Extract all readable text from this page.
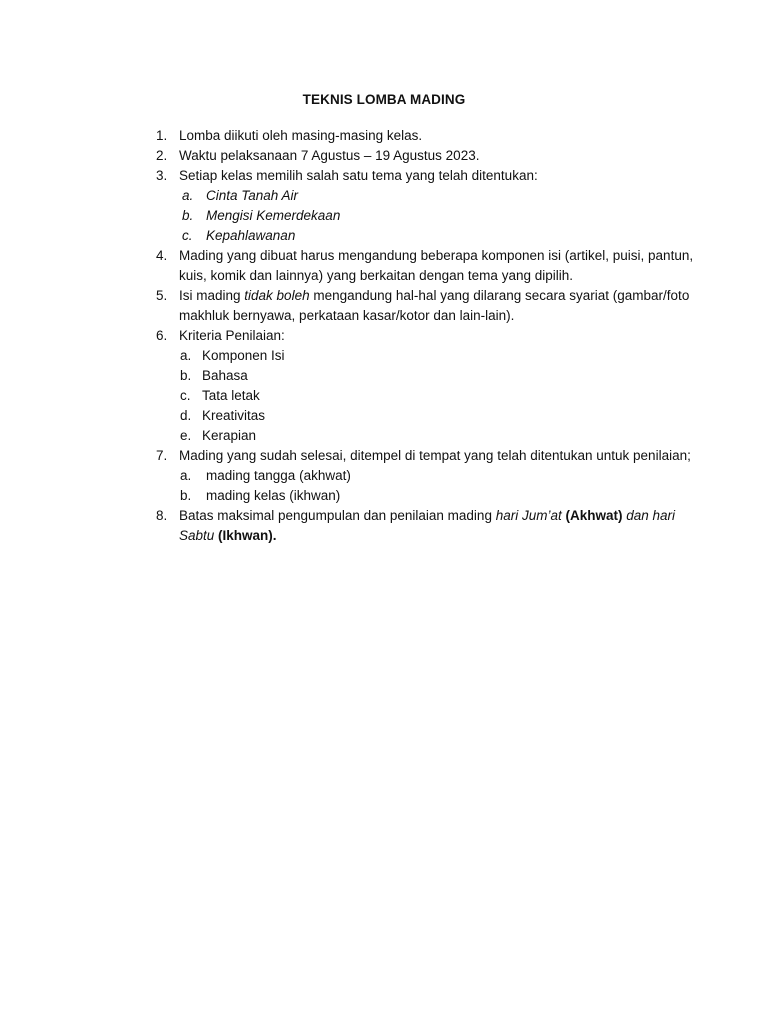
TEKNIS LOMBA MADING
1. Lomba diikuti oleh masing-masing kelas.
2. Waktu pelaksanaan 7 Agustus – 19 Agustus 2023.
3. Setiap kelas memilih salah satu tema yang telah ditentukan:
a. Cinta Tanah Air
b. Mengisi Kemerdekaan
c. Kepahlawanan
4. Mading yang dibuat harus mengandung beberapa komponen isi (artikel, puisi, pantun,
kuis, komik dan lainnya) yang berkaitan dengan tema yang dipilih.
5. Isi mading tidak boleh mengandung hal-hal yang dilarang secara syariat (gambar/foto
makhluk bernyawa, perkataan kasar/kotor dan lain-lain).
6. Kriteria Penilaian:
a. Komponen Isi
b. Bahasa
c. Tata letak
d. Kreativitas
e. Kerapian
7. Mading yang sudah selesai, ditempel di tempat yang telah ditentukan untuk penilaian;
a. mading tangga (akhwat)
b. mading kelas (ikhwan)
8. Batas maksimal pengumpulan dan penilaian mading hari Jum’at (Akhwat) dan hari
Sabtu (Ikhwan).
